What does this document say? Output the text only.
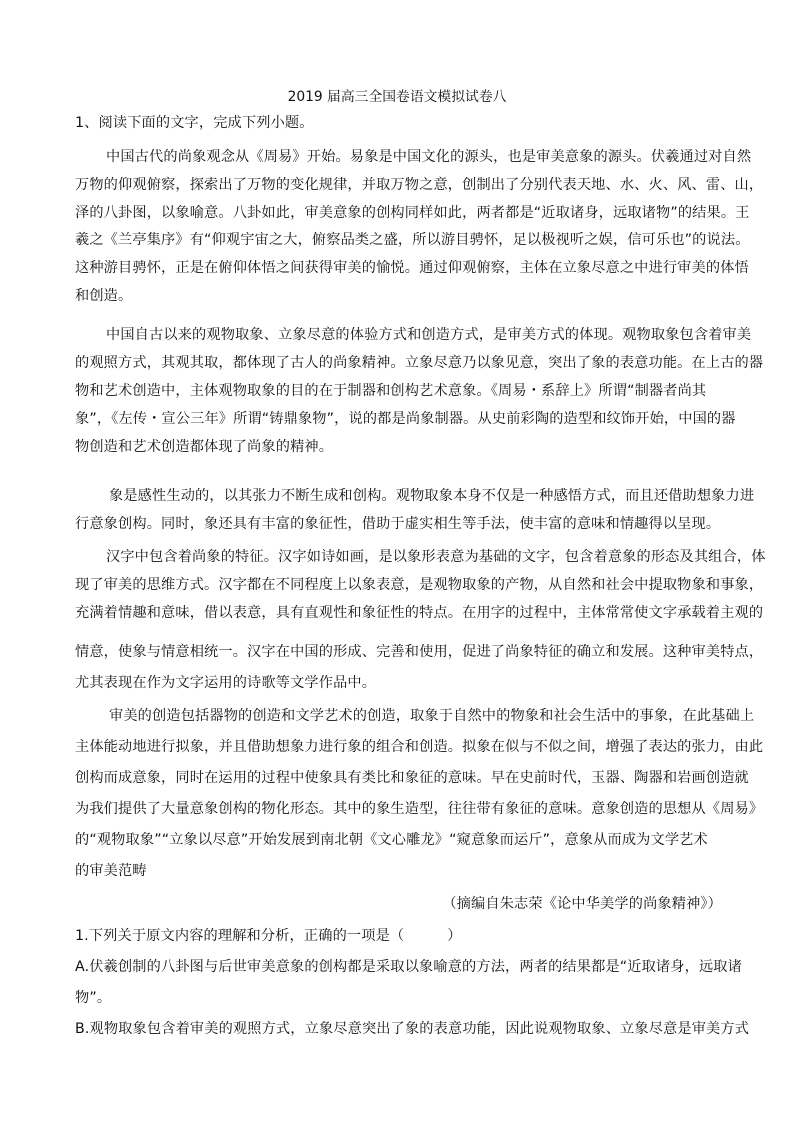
2019 届高三全国卷语文模拟试卷八
1、阅读下面的文字，完成下列小题。
中国古代的尚象观念从《周易》开始。易象是中国文化的源头，也是审美意象的源头。伏羲通过对自然
万物的仰观俯察，探索出了万物的变化规律，并取万物之意，创制出了分别代表天地、水、火、风、雷、山，
泽的八卦图，以象喻意。八卦如此，审美意象的创构同样如此，两者都是“近取诸身，远取诸物”的结果。王
羲之《兰亭集序》有“仰观宇宙之大，俯察品类之盛，所以游目骋怀，足以极视听之娱，信可乐也”的说法。
这种游目骋怀，正是在俯仰体悟之间获得审美的愉悦。通过仰观俯察，主体在立象尽意之中进行审美的体悟
和创造。
中国自古以来的观物取象、立象尽意的体验方式和创造方式，是审美方式的体现。观物取象包含着审美
的观照方式，其观其取，都体现了古人的尚象精神。立象尽意乃以象见意，突出了象的表意功能。在上古的器
物和艺术创造中，主体观物取象的目的在于制器和创构艺术意象。《周易・系辞上》所谓“制器者尚其
象”，《左传・宣公三年》所谓“铸鼎象物”，说的都是尚象制器。从史前彩陶的造型和纹饰开始，中国的器
物创造和艺术创造都体现了尚象的精神。
象是感性生动的，以其张力不断生成和创构。观物取象本身不仅是一种感悟方式，而且还借助想象力进
行意象创构。同时，象还具有丰富的象征性，借助于虚实相生等手法，使丰富的意味和情趣得以呈现。
汉字中包含着尚象的特征。汉字如诗如画，是以象形表意为基础的文字，包含着意象的形态及其组合，体
现了审美的思维方式。汉字都在不同程度上以象表意，是观物取象的产物，从自然和社会中提取物象和事象，
充满着情趣和意味，借以表意，具有直观性和象征性的特点。在用字的过程中，主体常常使文字承载着主观的
情意，使象与情意相统一。汉字在中国的形成、完善和使用，促进了尚象特征的确立和发展。这种审美特点，
尤其表现在作为文字运用的诗歌等文学作品中。
审美的创造包括器物的创造和文学艺术的创造，取象于自然中的物象和社会生活中的事象，在此基础上
主体能动地进行拟象，并且借助想象力进行象的组合和创造。拟象在似与不似之间，增强了表达的张力，由此
创构而成意象，同时在运用的过程中使象具有类比和象征的意味。早在史前时代，玉器、陶器和岩画创造就
为我们提供了大量意象创构的物化形态。其中的象生造型，往往带有象征的意味。意象创造的思想从《周易》
的“观物取象”“立象以尽意”开始发展到南北朝《文心雕龙》“窥意象而运斤”，意象从而成为文学艺术
的审美范畴
（摘编自朱志荣《论中华美学的尚象精神》）
1.下列关于原文内容的理解和分析，正确的一项是（　　　）
A.伏羲创制的八卦图与后世审美意象的创构都是采取以象喻意的方法，两者的结果都是“近取诸身，远取诸
物”。
B.观物取象包含着审美的观照方式，立象尽意突出了象的表意功能，因此说观物取象、立象尽意是审美方式
